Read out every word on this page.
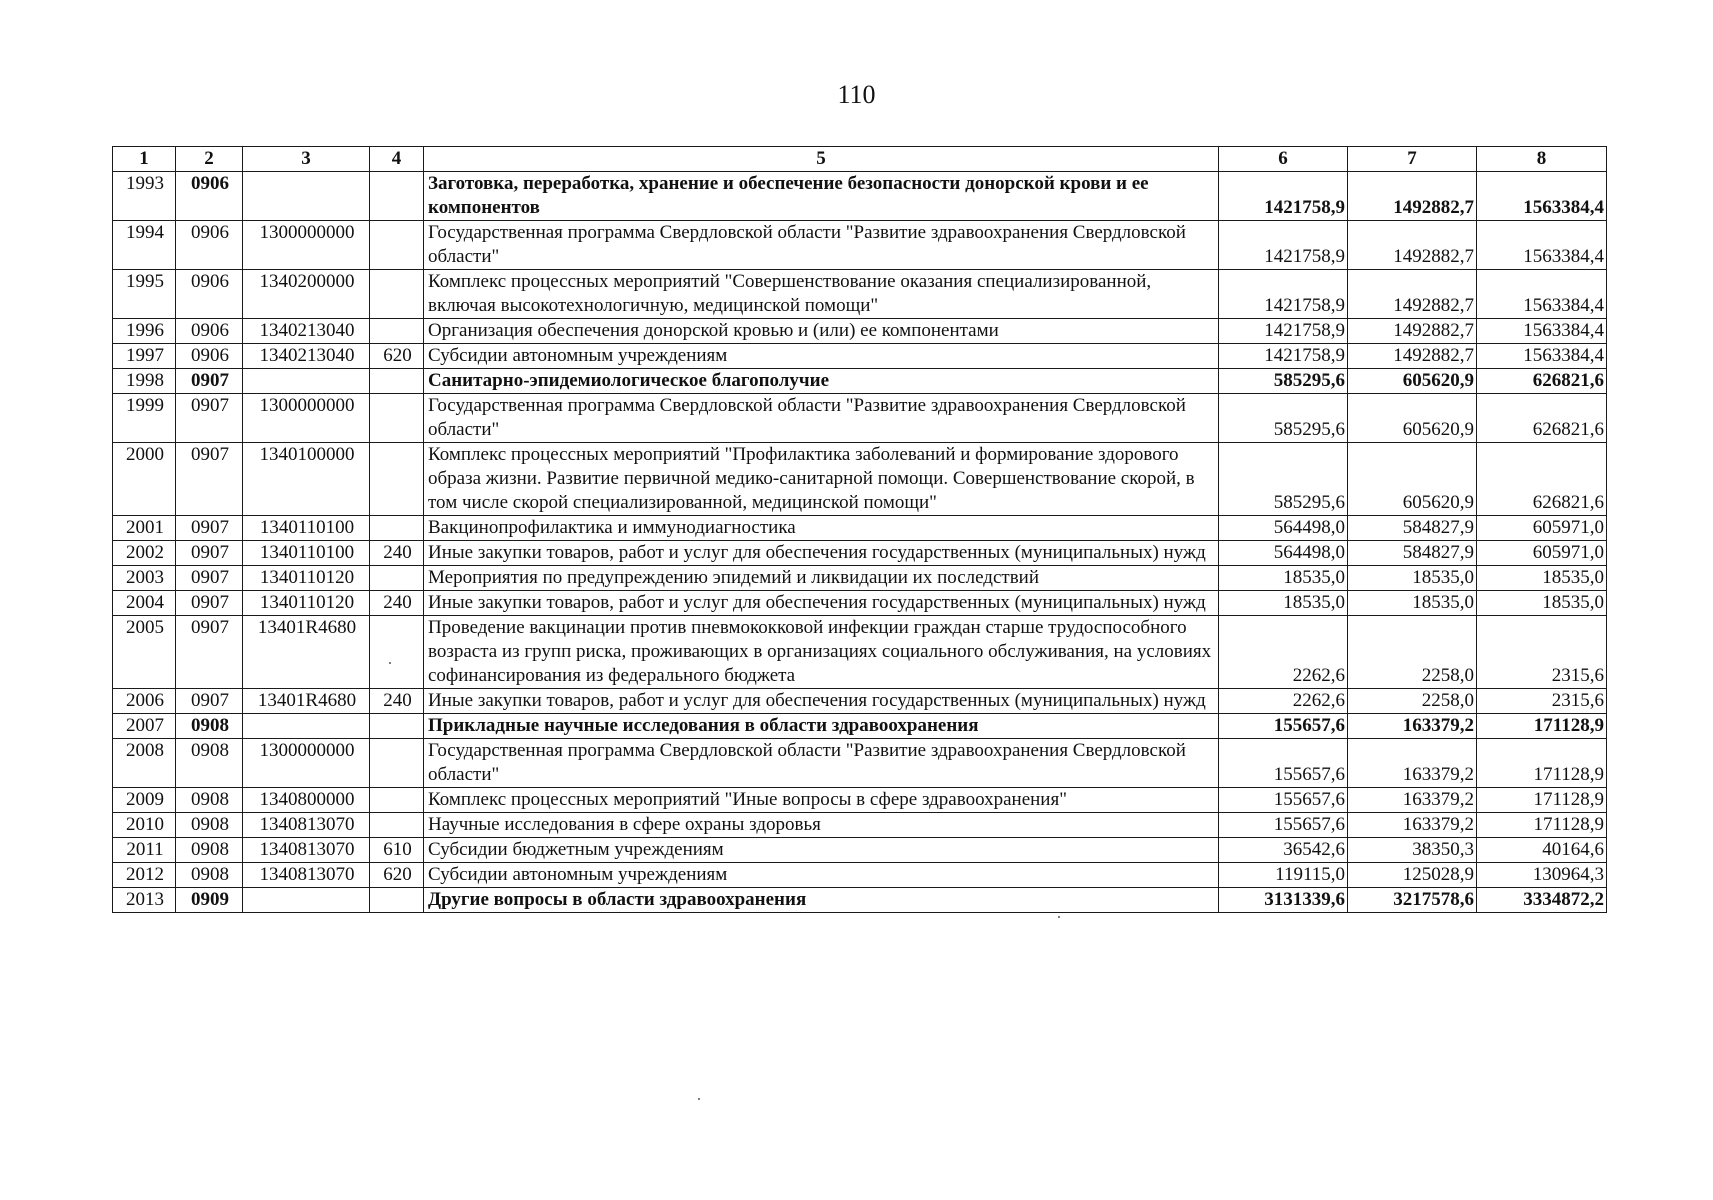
110
1	2	3	4	5	6	7	8
1993	0906			Заготовка, переработка, хранение и обеспечение безопасности донорской крови и ее компонентов	1421758,9	1492882,7	1563384,4
1994	0906	1300000000		Государственная программа Свердловской области "Развитие здравоохранения Свердловской области"	1421758,9	1492882,7	1563384,4
1995	0906	1340200000		Комплекс процессных мероприятий "Совершенствование оказания специализированной, включая высокотехнологичную, медицинской помощи"	1421758,9	1492882,7	1563384,4
1996	0906	1340213040		Организация обеспечения донорской кровью и (или) ее компонентами	1421758,9	1492882,7	1563384,4
1997	0906	1340213040	620	Субсидии автономным учреждениям	1421758,9	1492882,7	1563384,4
1998	0907			Санитарно-эпидемиологическое благополучие	585295,6	605620,9	626821,6
1999	0907	1300000000		Государственная программа Свердловской области "Развитие здравоохранения Свердловской области"	585295,6	605620,9	626821,6
2000	0907	1340100000		Комплекс процессных мероприятий "Профилактика заболеваний и формирование здорового образа жизни. Развитие первичной медико-санитарной помощи. Совершенствование скорой, в том числе скорой специализированной, медицинской помощи"	585295,6	605620,9	626821,6
2001	0907	1340110100		Вакцинопрофилактика и иммунодиагностика	564498,0	584827,9	605971,0
2002	0907	1340110100	240	Иные закупки товаров, работ и услуг для обеспечения государственных (муниципальных) нужд	564498,0	584827,9	605971,0
2003	0907	1340110120		Мероприятия по предупреждению эпидемий и ликвидации их последствий	18535,0	18535,0	18535,0
2004	0907	1340110120	240	Иные закупки товаров, работ и услуг для обеспечения государственных (муниципальных) нужд	18535,0	18535,0	18535,0
2005	0907	13401R4680		Проведение вакцинации против пневмококковой инфекции граждан старше трудоспособного возраста из групп риска, проживающих в организациях социального обслуживания, на условиях софинансирования из федерального бюджета	2262,6	2258,0	2315,6
2006	0907	13401R4680	240	Иные закупки товаров, работ и услуг для обеспечения государственных (муниципальных) нужд	2262,6	2258,0	2315,6
2007	0908			Прикладные научные исследования в области здравоохранения	155657,6	163379,2	171128,9
2008	0908	1300000000		Государственная программа Свердловской области "Развитие здравоохранения Свердловской области"	155657,6	163379,2	171128,9
2009	0908	1340800000		Комплекс процессных мероприятий "Иные вопросы в сфере здравоохранения"	155657,6	163379,2	171128,9
2010	0908	1340813070		Научные исследования в сфере охраны здоровья	155657,6	163379,2	171128,9
2011	0908	1340813070	610	Субсидии бюджетным учреждениям	36542,6	38350,3	40164,6
2012	0908	1340813070	620	Субсидии автономным учреждениям	119115,0	125028,9	130964,3
2013	0909			Другие вопросы в области здравоохранения	3131339,6	3217578,6	3334872,2
